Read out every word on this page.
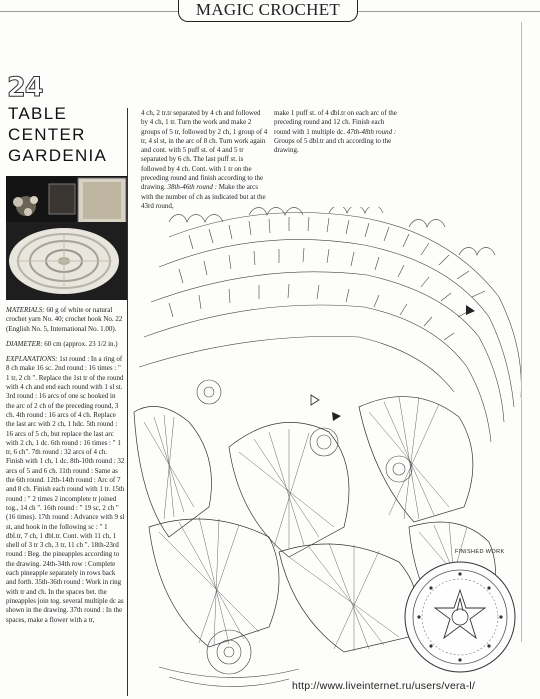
MAGIC CROCHET
24
TABLE
CENTER
GARDENIA

MATERIALS: 60 g of white or natural crochet yarn No. 40; crochet hook No. 22 (English No. 5, International No. 1.00).

DIAMETER: 60 cm (approx. 23 1/2 in.)

EXPLANATIONS: 1st round : In a ring of 8 ch make 16 sc. 2nd round : 16 times : " 1 tr, 2 ch ". Replace the 1st tr of the round with 4 ch and end each round with 1 sl st. 3rd round : 16 arcs of one sc hooked in the arc of 2 ch of the preceding round, 3 ch. 4th round : 16 arcs of 4 ch. Replace the last arc with 2 ch, 1 hdc. 5th round : 16 arcs of 5 ch, but replace the last arc with 2 ch, 1 dc. 6th round : 16 times : " 1 tr, 6 ch". 7th round : 32 arcs of 4 ch. Finish with 1 ch, 1 dc. 8th-10th round : 32 arcs of 5 and 6 ch. 11th round : Same as the 6th round. 12th-14th round : Arc of 7 and 8 ch. Finish each round with 1 tr. 15th round : " 2 times 2 incomplete tr joined tog., 14 ch ". 16th round : " 19 sc, 2 ch " (16 times). 17th round : Advance with 9 sl st, and hook in the following sc : " 1 dbl.tr, 7 ch, 1 dbl.tr. Cont. with 11 ch, 1 shell of 3 tr 3 ch, 3 tr, 11 ch ". 18th-23rd round : Beg. the pineapples according to the drawing. 24th-34th row : Complete each pineapple separately in rows back and forth. 35th-36th round : Work in ring with tr and ch. In the spaces bet. the pineapples join tog. several multiple dc as shown in the drawing. 37th round : In the spaces, make a flower with a tr,

4 ch, 2 tr.tr separated by 4 ch and followed by 4 ch, 1 tr. Turn the work and make 2 groups of 5 tr, followed by 2 ch, 1 group of 4 tr, 4 sl st, in the arc of 8 ch. Turn work again and cont. with 5 puff st. of 4 and 5 tr separated by 6 ch. The last puff st. is followed by 4 ch. Cont. with 1 tr on the preceding round and finish according to the drawing. 38th-46th round : Make the arcs with the number of ch as indicated but at the 43rd round,
make 1 puff st. of 4 dbl.tr on each arc of the preceding round and 12 ch. Finish each round with 1 multiple dc. 47th-48th round : Groups of 5 dbl.tr and ch according to the drawing.
FINISHED WORK
http://www.liveinternet.ru/users/vera-l/
